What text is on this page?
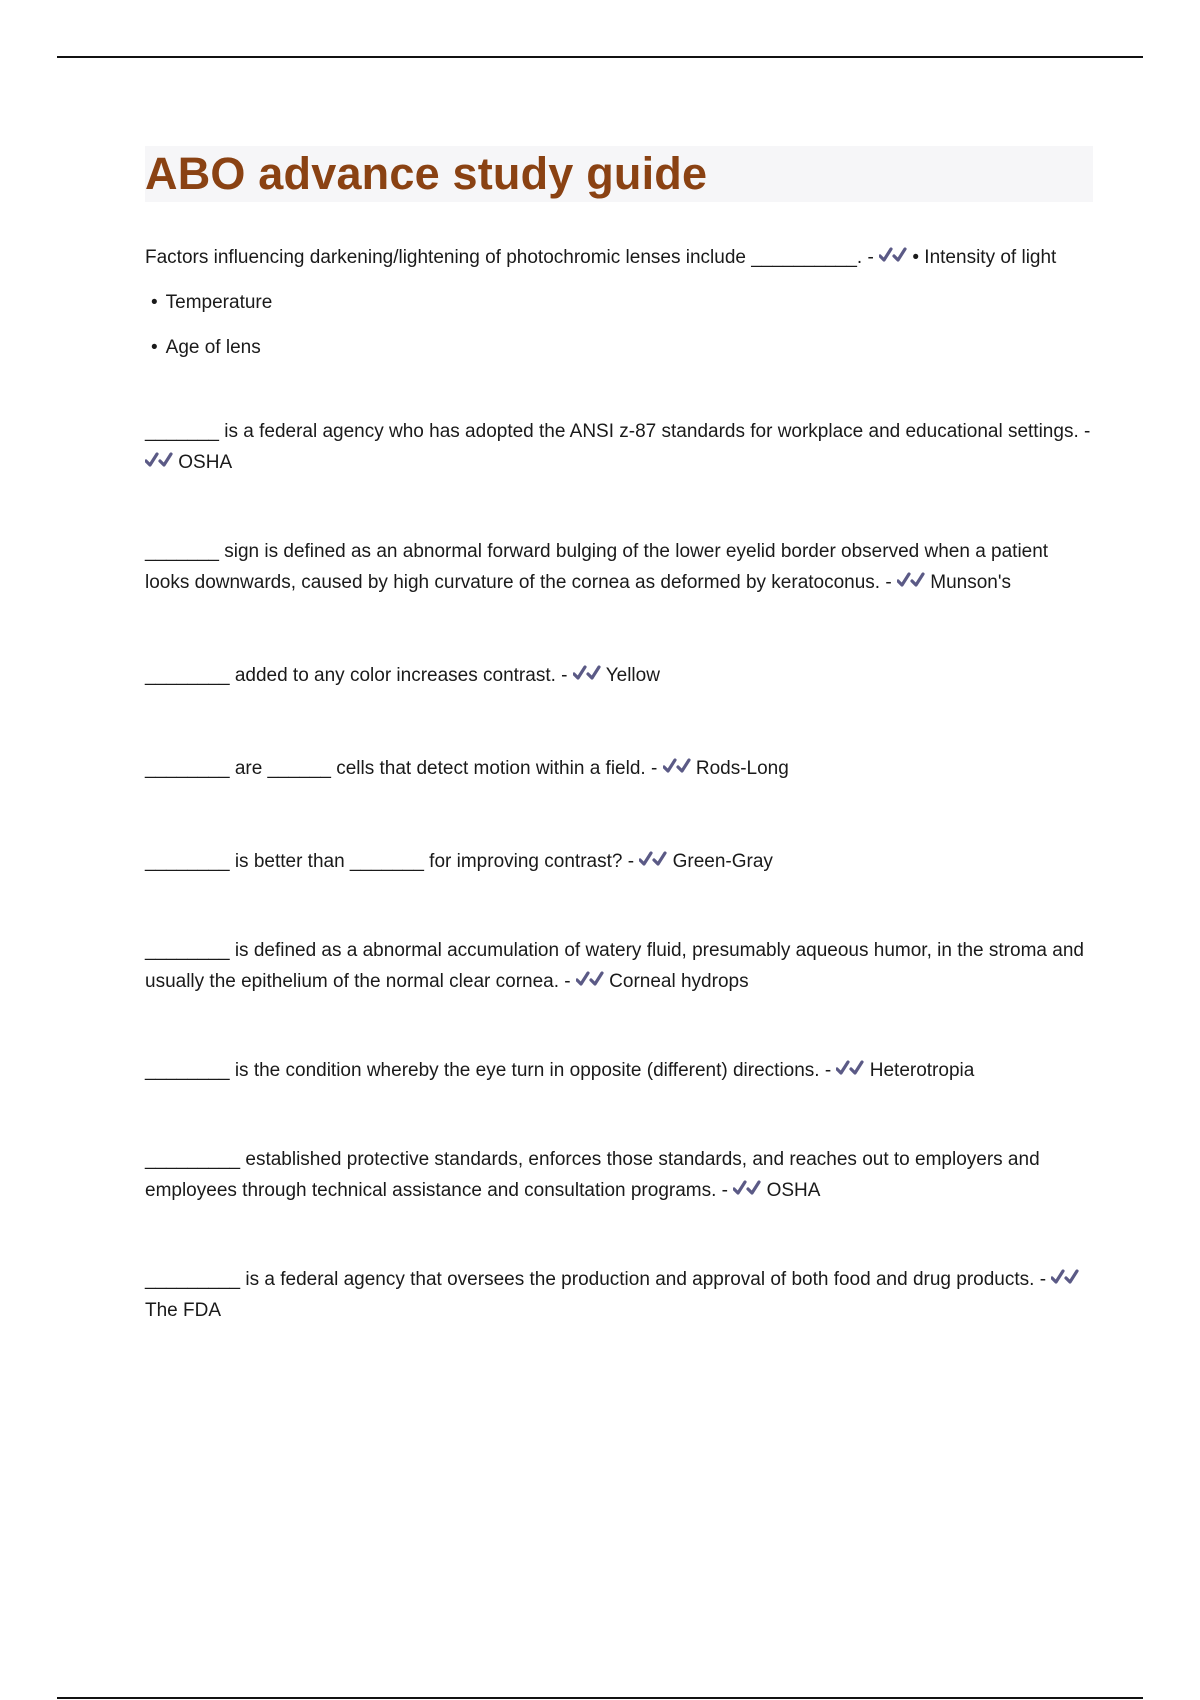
ABO advance study guide

Factors influencing darkening/lightening of photochromic lenses include __________. - • Intensity of light

• Temperature
• Age of lens

_______ is a federal agency who has adopted the ANSI z-87 standards for workplace and educational settings. -
OSHA

_______ sign is defined as an abnormal forward bulging of the lower eyelid border observed when a patient looks downwards, caused by high curvature of the cornea as deformed by keratoconus. - Munson's

________ added to any color increases contrast. - Yellow

________ are ______ cells that detect motion within a field. - Rods-Long

________ is better than _______ for improving contrast? - Green-Gray

________ is defined as a abnormal accumulation of watery fluid, presumably aqueous humor, in the stroma and usually the epithelium of the normal clear cornea. - Corneal hydrops

________ is the condition whereby the eye turn in opposite (different) directions. - Heterotropia

_________ established protective standards, enforces those standards, and reaches out to employers and employees through technical assistance and consultation programs. - OSHA

_________ is a federal agency that oversees the production and approval of both food and drug products. -
The FDA
